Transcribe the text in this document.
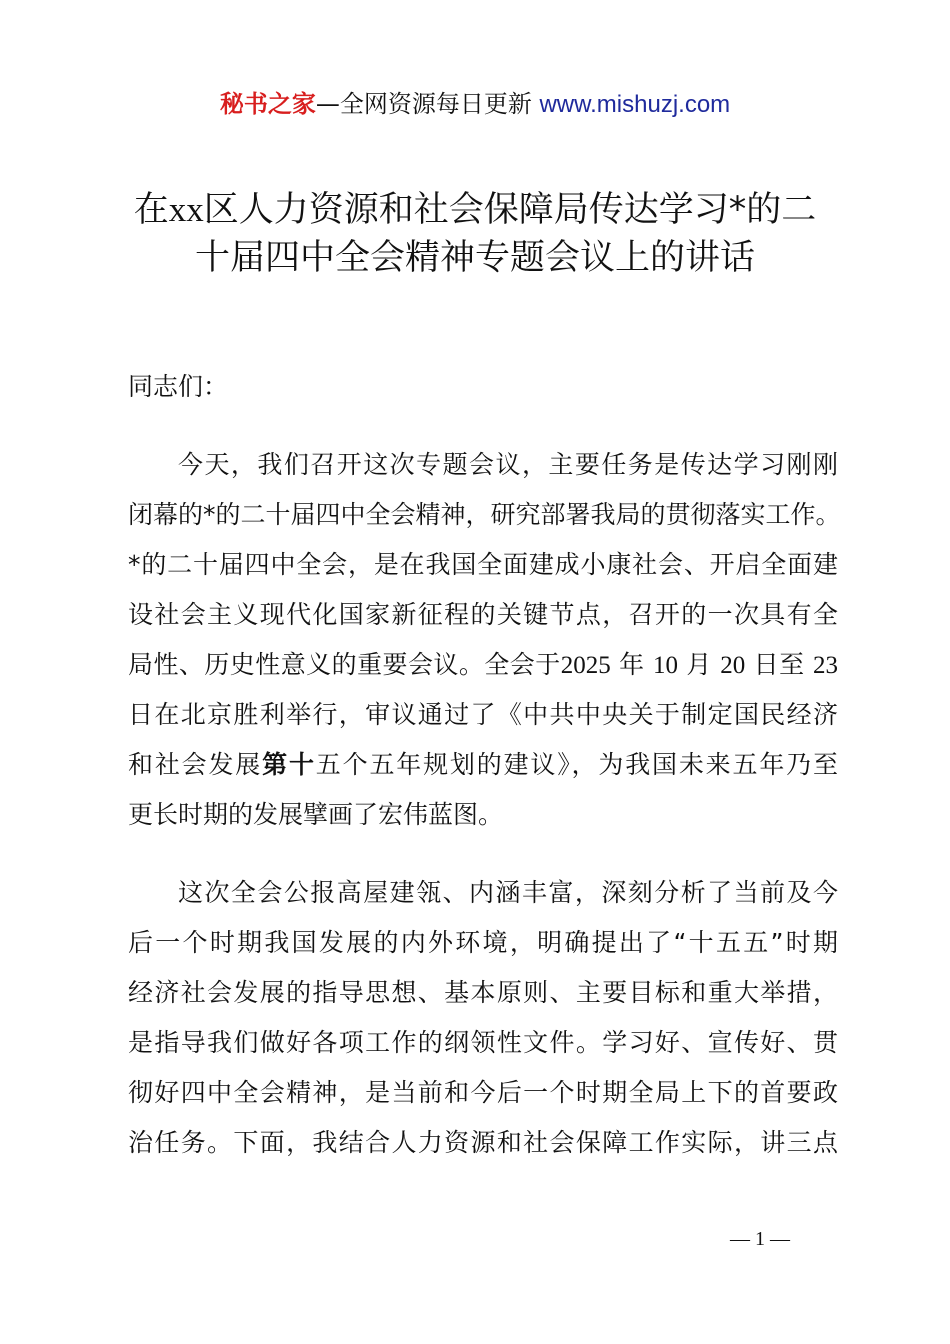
秘书之家—全网资源每日更新 www.mishuzj.com
在xx区人力资源和社会保障局传达学习*的二
十届四中全会精神专题会议上的讲话
同志们：
今天，我们召开这次专题会议，主要任务是传达学习刚刚
闭幕的*的二十届四中全会精神，研究部署我局的贯彻落实工作。
*的二十届四中全会，是在我国全面建成小康社会、开启全面建
设社会主义现代化国家新征程的关键节点，召开的一次具有全
局性、历史性意义的重要会议。全会于2025 年 10 月 20 日至 23
日在北京胜利举行，审议通过了《中共中央关于制定国民经济
和社会发展第十五个五年规划的建议》，为我国未来五年乃至
更长时期的发展擘画了宏伟蓝图。
这次全会公报高屋建瓴、内涵丰富，深刻分析了当前及今
后一个时期我国发展的内外环境，明确提出了“十五五”时期
经济社会发展的指导思想、基本原则、主要目标和重大举措，
是指导我们做好各项工作的纲领性文件。学习好、宣传好、贯
彻好四中全会精神，是当前和今后一个时期全局上下的首要政
治任务。下面，我结合人力资源和社会保障工作实际，讲三点
— 1 —
